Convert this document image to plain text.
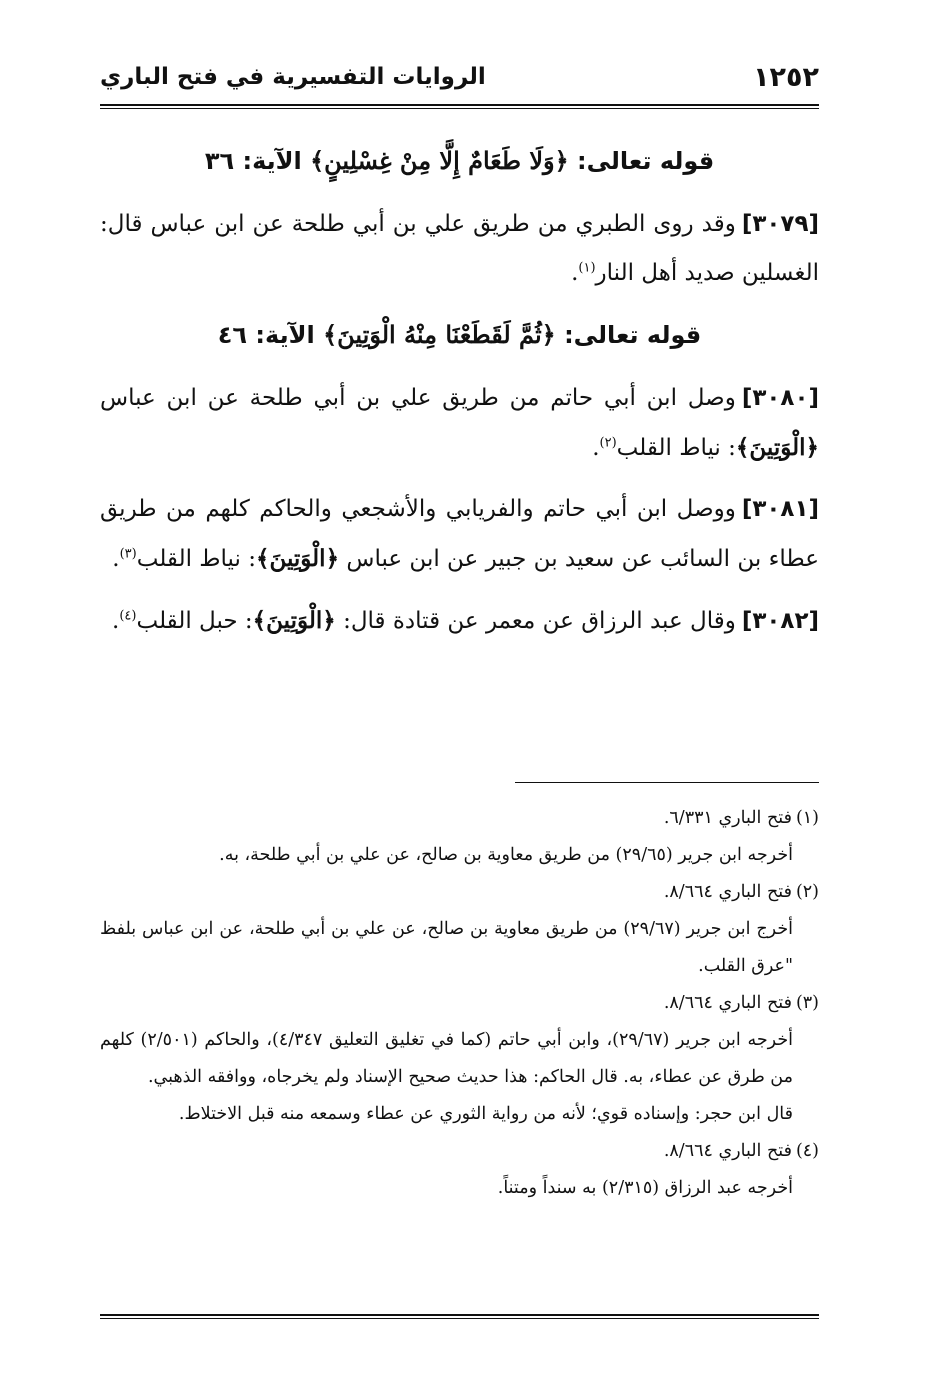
١٢٥٢
الروايات التفسيرية في فتح الباري
قوله تعالى: ﴿وَلَا طَعَامٌ إِلَّا مِنْ غِسْلِينٍ﴾ الآية: ٣٦

[٣٠٧٩]وقد روى الطبري من طريق علي بن أبي طلحة عن ابن عباس قال: الغسلين صديد أهل النار$^{(١)}$.

قوله تعالى: ﴿ثُمَّ لَقَطَعْنَا مِنْهُ الْوَتِينَ﴾ الآية: ٤٦

[٣٠٨٠]وصل ابن أبي حاتم من طريق علي بن أبي طلحة عن ابن عباس ﴿الْوَتِينَ﴾: نياط القلب$^{(٢)}$.

[٣٠٨١]ووصل ابن أبي حاتم والفريابي والأشجعي والحاكم كلهم من طريق عطاء بن السائب عن سعيد بن جبير عن ابن عباس ﴿الْوَتِينَ﴾: نياط القلب$^{(٣)}$.

[٣٠٨٢]وقال عبد الرزاق عن معمر عن قتادة قال: ﴿الْوَتِينَ﴾: حبل القلب$^{(٤)}$.

(١)فتح الباري ٦/٣٣١.

أخرجه ابن جرير (٢٩/٦٥) من طريق معاوية بن صالح، عن علي بن أبي طلحة، به.

(٢)فتح الباري ٨/٦٦٤.

أخرج ابن جرير (٢٩/٦٧) من طريق معاوية بن صالح، عن علي بن أبي طلحة، عن ابن عباس بلفظ "عرق القلب.

(٣)فتح الباري ٨/٦٦٤.

أخرجه ابن جرير (٢٩/٦٧)، وابن أبي حاتم (كما في تغليق التعليق ٤/٣٤٧)، والحاكم (٢/٥٠١) كلهم من طرق عن عطاء، به. قال الحاكم: هذا حديث صحيح الإسناد ولم يخرجاه، ووافقه الذهبي.

قال ابن حجر: وإسناده قوي؛ لأنه من رواية الثوري عن عطاء وسمعه منه قبل الاختلاط.

(٤)فتح الباري ٨/٦٦٤.

أخرجه عبد الرزاق (٢/٣١٥) به سنداً ومتناً.
